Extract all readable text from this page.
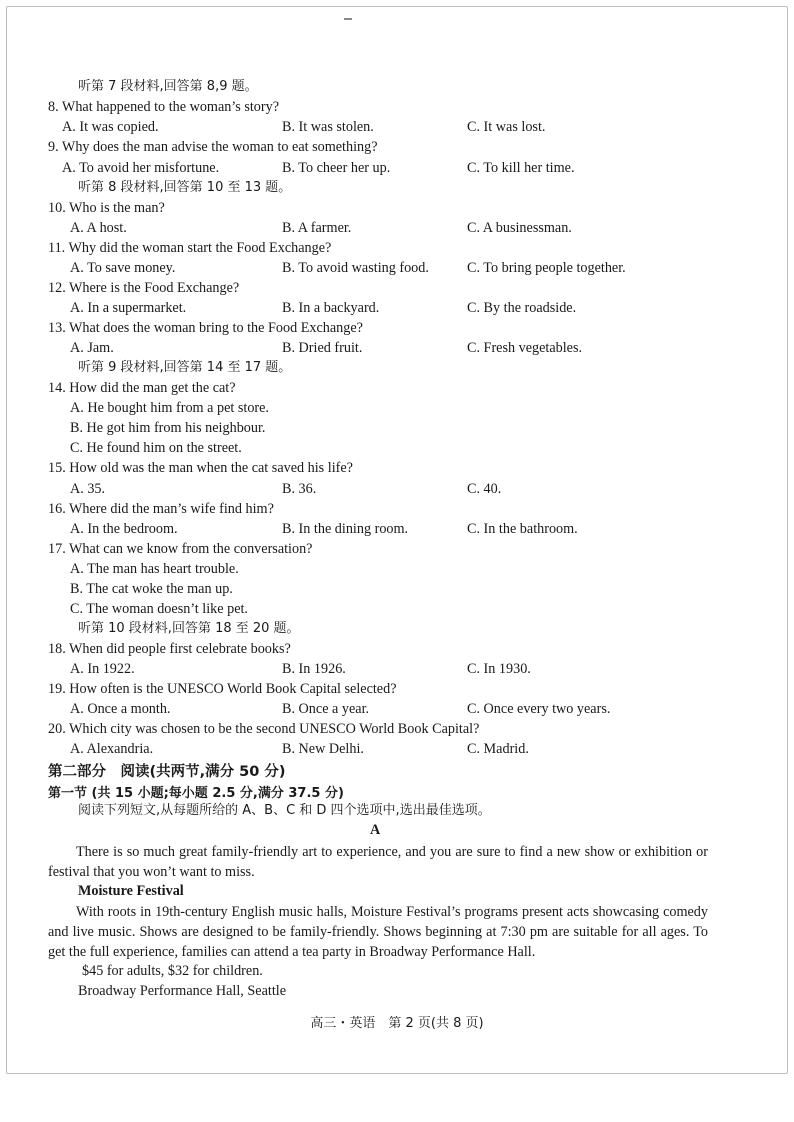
听第 7 段材料,回答第 8,9 题。
8. What happened to the woman’s story?
A. It was copied.	B. It was stolen.	C. It was lost.
9. Why does the man advise the woman to eat something?
A. To avoid her misfortune.	B. To cheer her up.	C. To kill her time.
听第 8 段材料,回答第 10 至 13 题。
10. Who is the man?
A. A host.	B. A farmer.	C. A businessman.
11. Why did the woman start the Food Exchange?
A. To save money.	B. To avoid wasting food.	C. To bring people together.
12. Where is the Food Exchange?
A. In a supermarket.	B. In a backyard.	C. By the roadside.
13. What does the woman bring to the Food Exchange?
A. Jam.	B. Dried fruit.	C. Fresh vegetables.
听第 9 段材料,回答第 14 至 17 题。
14. How did the man get the cat?
A. He bought him from a pet store.
B. He got him from his neighbour.
C. He found him on the street.
15. How old was the man when the cat saved his life?
A. 35.	B. 36.	C. 40.
16. Where did the man’s wife find him?
A. In the bedroom.	B. In the dining room.	C. In the bathroom.
17. What can we know from the conversation?
A. The man has heart trouble.
B. The cat woke the man up.
C. The woman doesn’t like pet.
听第 10 段材料,回答第 18 至 20 题。
18. When did people first celebrate books?
A. In 1922.	B. In 1926.	C. In 1930.
19. How often is the UNESCO World Book Capital selected?
A. Once a month.	B. Once a year.	C. Once every two years.
20. Which city was chosen to be the second UNESCO World Book Capital?
A. Alexandria.	B. New Delhi.	C. Madrid.
第二部分　阅读(共两节,满分 50 分)
第一节 (共 15 小题;每小题 2.5 分,满分 37.5 分)
阅读下列短文,从每题所给的 A、B、C 和 D 四个选项中,选出最佳选项。
A
There is so much great family-friendly art to experience, and you are sure to find a new show or exhibition or festival that you won’t want to miss.
Moisture Festival
With roots in 19th-century English music halls, Moisture Festival’s programs present acts showcasing comedy and live music. Shows are designed to be family-friendly. Shows beginning at 7:30 pm are suitable for all ages. To get the full experience, families can attend a tea party in Broadway Performance Hall.
$45 for adults, $32 for children.
Broadway Performance Hall, Seattle
高三・英语　第 2 页(共 8 页)
